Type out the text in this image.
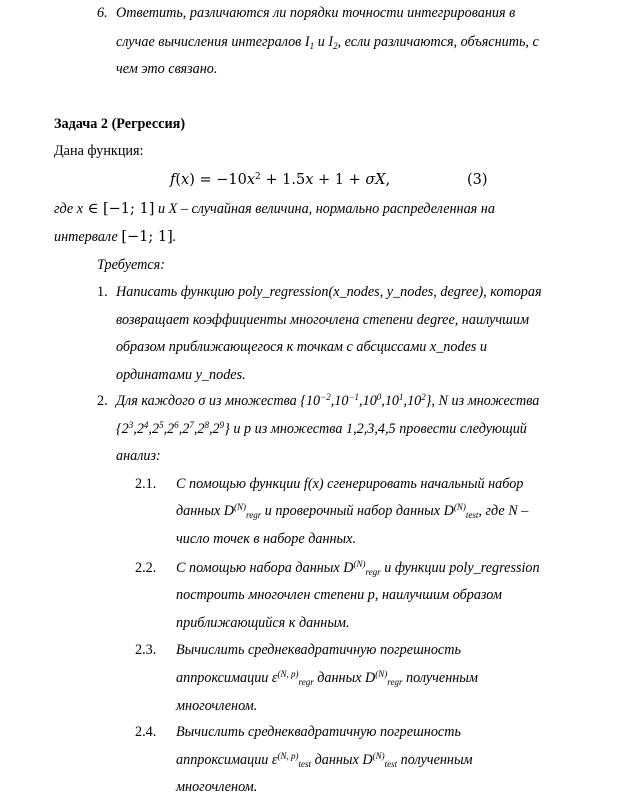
6. Ответить, различаются ли порядки точности интегрирования в
случае вычисления интегралов $I_1$ и $I_2$, если различаются, объяснить, с
чем это связано.
Задача 2 (Регрессия)
Дана функция:
$f(x) = -10x^2 + 1.5x + 1 + \sigma X$,	(3)
где x ∈ [−1; 1] и X – случайная величина, нормально распределенная на
интервале [−1; 1].
Требуется:
1. Написать функцию poly_regression(x_nodes, y_nodes, degree), которая
возвращает коэффициенты многочлена степени degree, наилучшим
образом приближающегося к точкам с абсциссами x_nodes и
ординатами y_nodes.
2. Для каждого σ из множества $\{10^{-2},10^{-1},10^0,10^1,10^2\}$, N из множества
$\{2^3,2^4,2^5,2^6,2^7,2^8,2^9\}$ и p из множества 1,2,3,4,5 провести следующий
анализ:
2.1. С помощью функции f(x) сгенерировать начальный набор
данных $D^{(N)}_{regr}$ и проверочный набор данных $D^{(N)}_{test}$, где N –
число точек в наборе данных.
2.2. С помощью набора данных $D^{(N)}_{regr}$ и функции poly_regression
построить многочлен степени p, наилучшим образом
приближающийся к данным.
2.3. Вычислить среднеквадратичную погрешность
аппроксимации $\varepsilon^{(N, p)}_{regr}$ данных $D^{(N)}_{regr}$ полученным
многочленом.
2.4. Вычислить среднеквадратичную погрешность
аппроксимации $\varepsilon^{(N, p)}_{test}$ данных $D^{(N)}_{test}$ полученным
многочленом.
